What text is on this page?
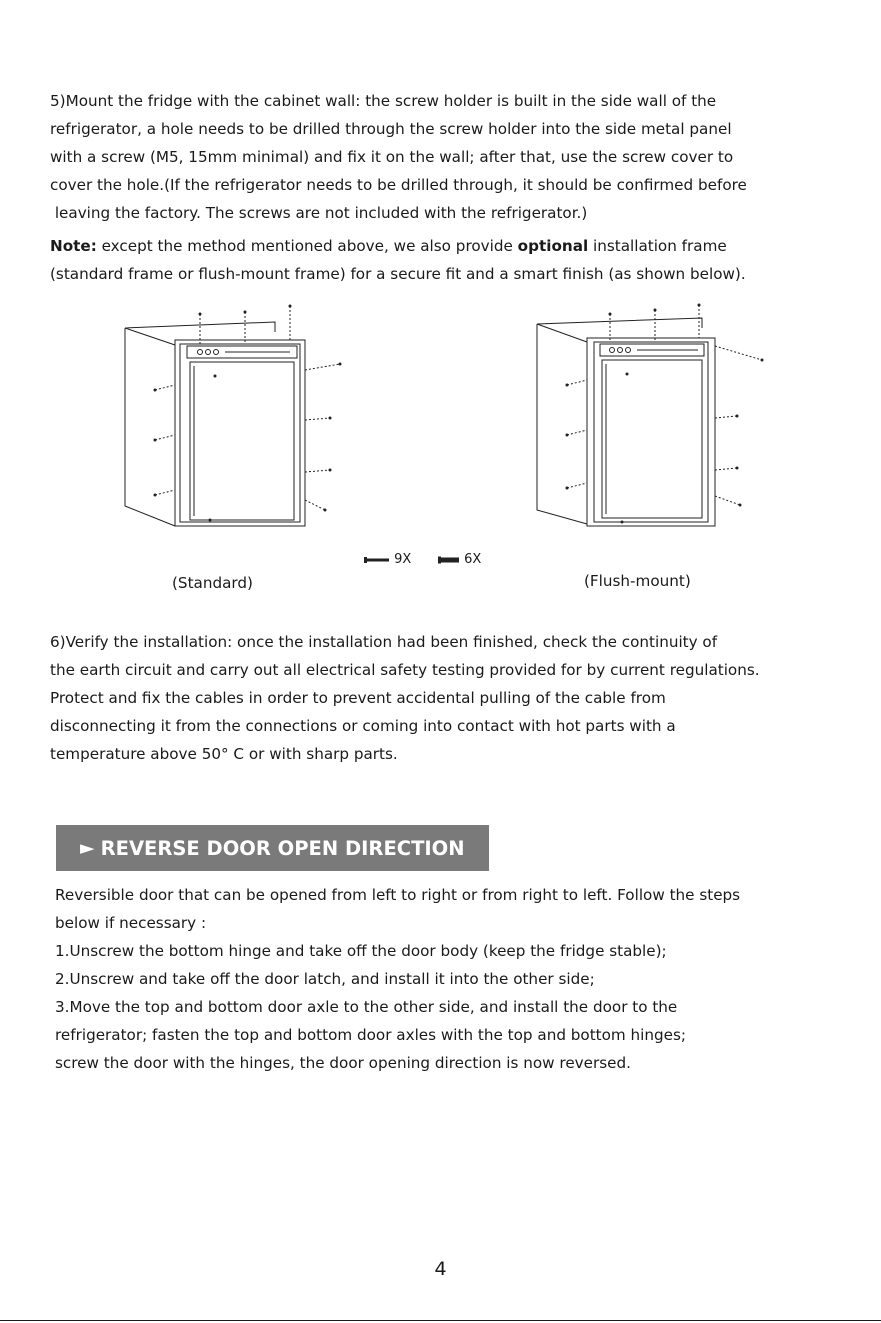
5)Mount the fridge with the cabinet wall: the screw holder is built in the side wall of the
refrigerator, a hole needs to be drilled through the screw holder into the side metal panel
with a screw (M5, 15mm minimal) and fix it on the wall; after that, use the screw cover to
cover the hole.(If the refrigerator needs to be drilled through, it should be confirmed before
leaving the factory. The screws are not included with the refrigerator.)
Note: except the method mentioned above, we also provide optional installation frame
(standard frame or flush-mount frame) for a secure fit and a smart finish (as shown below).
9X	6X
(Standard)	(Flush-mount)
6)Verify the installation: once the installation had been finished, check the continuity of
the earth circuit and carry out all electrical safety testing provided for by current regulations.
Protect and fix the cables in order to prevent accidental pulling of the cable from
disconnecting it from the connections or coming into contact with hot parts with a
temperature above 50° C or with sharp parts.
► REVERSE DOOR OPEN DIRECTION
Reversible door that can be opened from left to right or from right to left. Follow the steps
below if necessary :
1.Unscrew the bottom hinge and take off the door body (keep the fridge stable);
2.Unscrew and take off the door latch, and install it into the other side;
3.Move the top and bottom door axle to the other side, and install the door to the
refrigerator; fasten the top and bottom door axles with the top and bottom hinges;
screw the door with the hinges, the door opening direction is now reversed.
4
